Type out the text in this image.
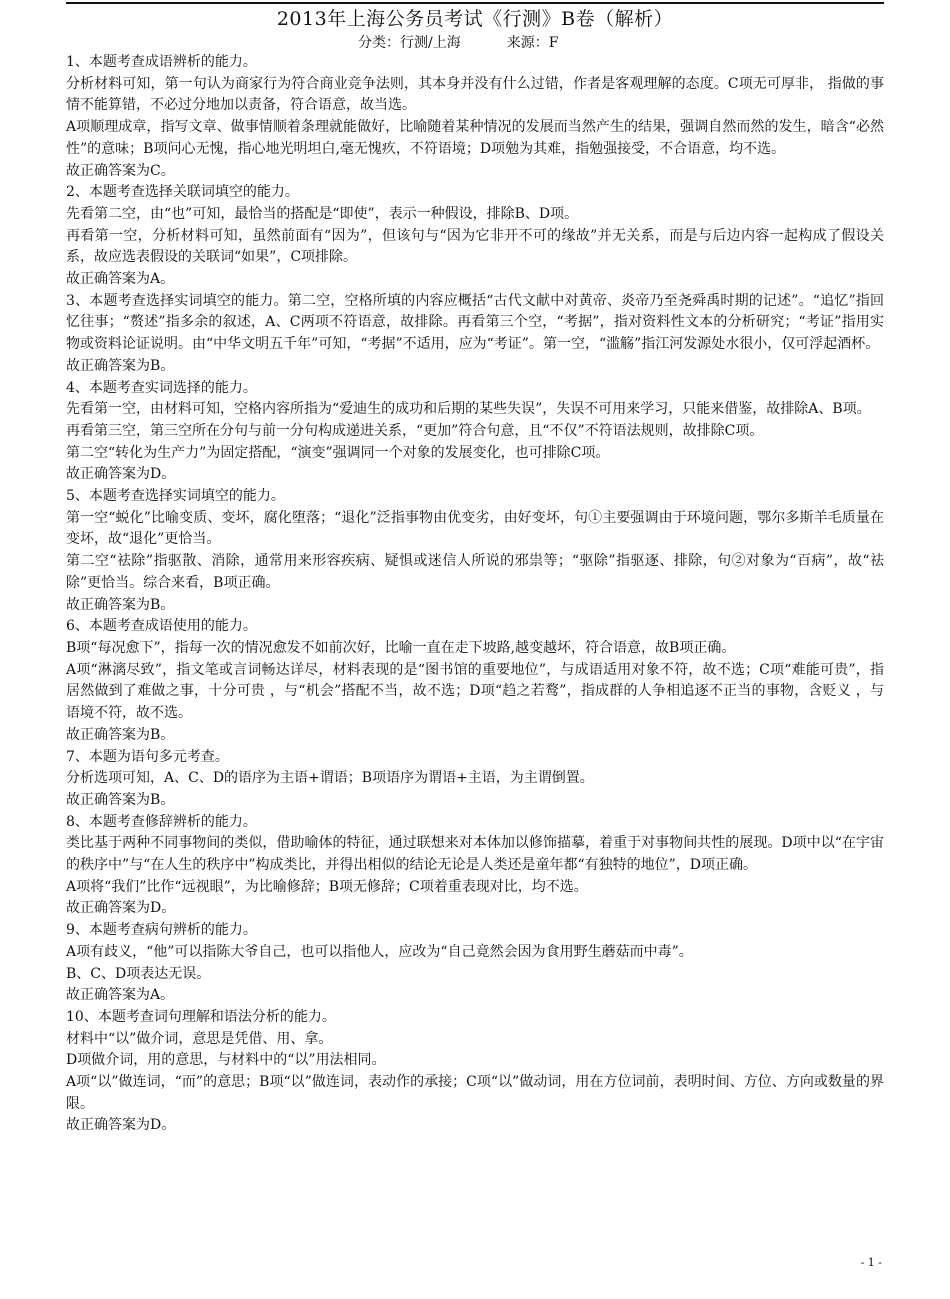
2013年上海公务员考试《行测》B卷（解析）
分类：行测/上海	来源：F

1、本题考查成语辨析的能力。

分析材料可知，第一句认为商家行为符合商业竞争法则，其本身并没有什么过错，作者是客观理解的态度。C项无可厚非， 指做的事情不能算错，不必过分地加以责备，符合语意，故当选。

A项顺理成章，指写文章、做事情顺着条理就能做好，比喻随着某种情况的发展而当然产生的结果，强调自然而然的发生，暗含“必然性”的意味；B项问心无愧，指心地光明坦白,毫无愧疚，不符语境；D项勉为其难，指勉强接受，不合语意，均不选。

故正确答案为C。

2、本题考查选择关联词填空的能力。

先看第二空，由“也”可知，最恰当的搭配是“即使”，表示一种假设，排除B、D项。

再看第一空，分析材料可知，虽然前面有“因为”，但该句与“因为它非开不可的缘故”并无关系，而是与后边内容一起构成了假设关系，故应选表假设的关联词“如果”，C项排除。

故正确答案为A。

3、本题考查选择实词填空的能力。第二空，空格所填的内容应概括“古代文献中对黄帝、炎帝乃至尧舜禹时期的记述”。“追忆”指回忆往事；“赘述”指多余的叙述，A、C两项不符语意，故排除。再看第三个空，“考据”，指对资料性文本的分析研究；“考证”指用实物或资料论证说明。由“中华文明五千年”可知，“考据”不适用，应为“考证”。第一空，“滥觞”指江河发源处水很小，仅可浮起酒杯。

故正确答案为B。

4、本题考查实词选择的能力。

先看第一空，由材料可知，空格内容所指为“爱迪生的成功和后期的某些失误”，失误不可用来学习，只能来借鉴，故排除A、B项。

再看第三空，第三空所在分句与前一分句构成递进关系，“更加”符合句意，且“不仅”不符语法规则，故排除C项。

第二空“转化为生产力”为固定搭配，“演变”强调同一个对象的发展变化，也可排除C项。

故正确答案为D。

5、本题考查选择实词填空的能力。

第一空“蜕化”比喻变质、变坏，腐化堕落；“退化”泛指事物由优变劣，由好变坏，句①主要强调由于环境问题，鄂尔多斯羊毛质量在变坏，故“退化”更恰当。

第二空“祛除”指驱散、消除，通常用来形容疾病、疑惧或迷信人所说的邪祟等；“驱除”指驱逐、排除，句②对象为“百病”，故“祛除”更恰当。综合来看，B项正确。

故正确答案为B。

6、本题考查成语使用的能力。

B项“每况愈下”，指每一次的情况愈发不如前次好，比喻一直在走下坡路,越变越坏，符合语意，故B项正确。

A项“淋漓尽致”，指文笔或言词畅达详尽，材料表现的是“图书馆的重要地位”，与成语适用对象不符，故不选；C项“难能可贵”，指居然做到了难做之事，十分可贵 ，与“机会”搭配不当，故不选；D项“趋之若鹜”，指成群的人争相追逐不正当的事物，含贬义 ，与语境不符，故不选。

故正确答案为B。

7、本题为语句多元考查。

分析选项可知，A、C、D的语序为主语+谓语；B项语序为谓语+主语，为主谓倒置。

故正确答案为B。

8、本题考查修辞辨析的能力。

类比基于两种不同事物间的类似，借助喻体的特征，通过联想来对本体加以修饰描摹，着重于对事物间共性的展现。D项中以“在宇宙的秩序中”与“在人生的秩序中”构成类比，并得出相似的结论无论是人类还是童年都“有独特的地位”，D项正确。

A项将“我们”比作“远视眼”，为比喻修辞；B项无修辞；C项着重表现对比，均不选。

故正确答案为D。

9、本题考查病句辨析的能力。

A项有歧义，“他”可以指陈大爷自己，也可以指他人，应改为“自己竟然会因为食用野生蘑菇而中毒”。

B、C、D项表达无误。

故正确答案为A。

10、本题考查词句理解和语法分析的能力。

材料中“以”做介词，意思是凭借、用、拿。

D项做介词，用的意思，与材料中的“以”用法相同。

A项“以”做连词，“而”的意思；B项“以”做连词，表动作的承接；C项“以”做动词，用在方位词前，表明时间、方位、方向或数量的界限。

故正确答案为D。

- 1 -
